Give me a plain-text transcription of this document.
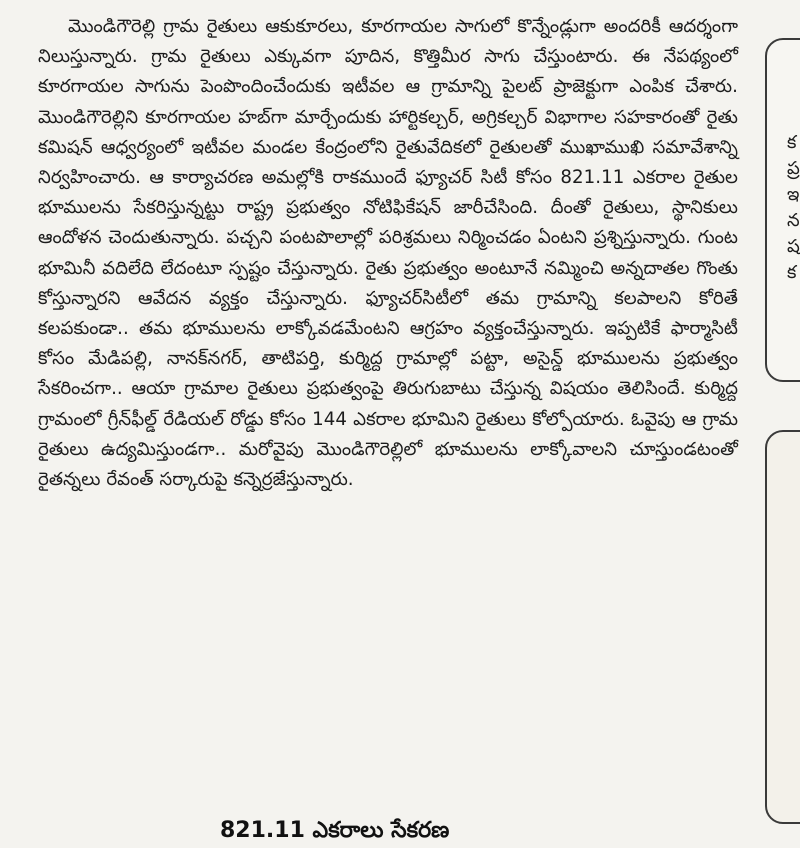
మొండిగౌరెల్లి గ్రామ రైతులు ఆకుకూరలు, కూరగాయల సాగులో కొన్నేండ్లుగా అందరికీ ఆదర్శంగా నిలుస్తున్నారు. గ్రామ రైతులు ఎక్కువగా పూదిన, కొత్తిమీర సాగు చేస్తుంటారు. ఈ నేపథ్యంలో కూరగాయల సాగును పెంపొందించేందుకు ఇటీవల ఆ గ్రామాన్ని పైలట్ ప్రాజెక్టుగా ఎంపిక చేశారు. మొండిగౌరెల్లిని కూరగాయల హబ్‌గా మార్చేందుకు హార్టికల్చర్, అగ్రికల్చర్ విభాగాల సహకారంతో రైతు కమిషన్ ఆధ్వర్యంలో ఇటీవల మండల కేంద్రంలోని రైతువేదికలో రైతులతో ముఖాముఖి సమావేశాన్ని నిర్వహించారు. ఆ కార్యాచరణ అమల్లోకి రాకముందే ఫ్యూచర్ సిటీ కోసం 821.11 ఎకరాల రైతుల భూములను సేకరిస్తున్నట్టు రాష్ట్ర ప్రభుత్వం నోటిఫికేషన్ జారీచేసింది. దీంతో రైతులు, స్థానికులు ఆందోళన చెందుతున్నారు. పచ్చని పంటపొలాల్లో పరిశ్రమలు నిర్మించడం ఏంటని ప్రశ్నిస్తున్నారు. గుంట భూమినీ వదిలేది లేదంటూ స్పష్టం చేస్తున్నారు. రైతు ప్రభుత్వం అంటూనే నమ్మించి అన్నదాతల గొంతు కోస్తున్నారని ఆవేదన వ్యక్తం చేస్తున్నారు. ఫ్యూచర్‌సిటీలో తమ గ్రామాన్ని కలపాలని కోరితే కలపకుండా.. తమ భూములను లాక్కోవడమేంటని ఆగ్రహం వ్యక్తంచేస్తున్నారు. ఇప్పటికే ఫార్మాసిటీ కోసం మేడిపల్లి, నానక్‌నగర్, తాటిపర్తి, కుర్మిద్ద గ్రామాల్లో పట్టా, అసైన్డ్ భూములను ప్రభుత్వం సేకరించగా.. ఆయా గ్రామాల రైతులు ప్రభుత్వంపై తిరుగుబాటు చేస్తున్న విషయం తెలిసిందే. కుర్మిద్ద గ్రామంలో గ్రీన్‌ఫీల్డ్ రేడియల్ రోడ్డు కోసం 144 ఎకరాల భూమిని రైతులు కోల్పోయారు. ఓవైపు ఆ గ్రామ రైతులు ఉద్యమిస్తుండగా.. మరోవైపు మొండిగౌరెల్లిలో భూములను లాక్కోవాలని చూస్తుండటంతో రైతన్నలు రేవంత్ సర్కారుపై కన్నెర్రజేస్తున్నారు.

821.11 ఎకరాలు సేకరణ
క
ప్ర
ఇ
న
ష
క
